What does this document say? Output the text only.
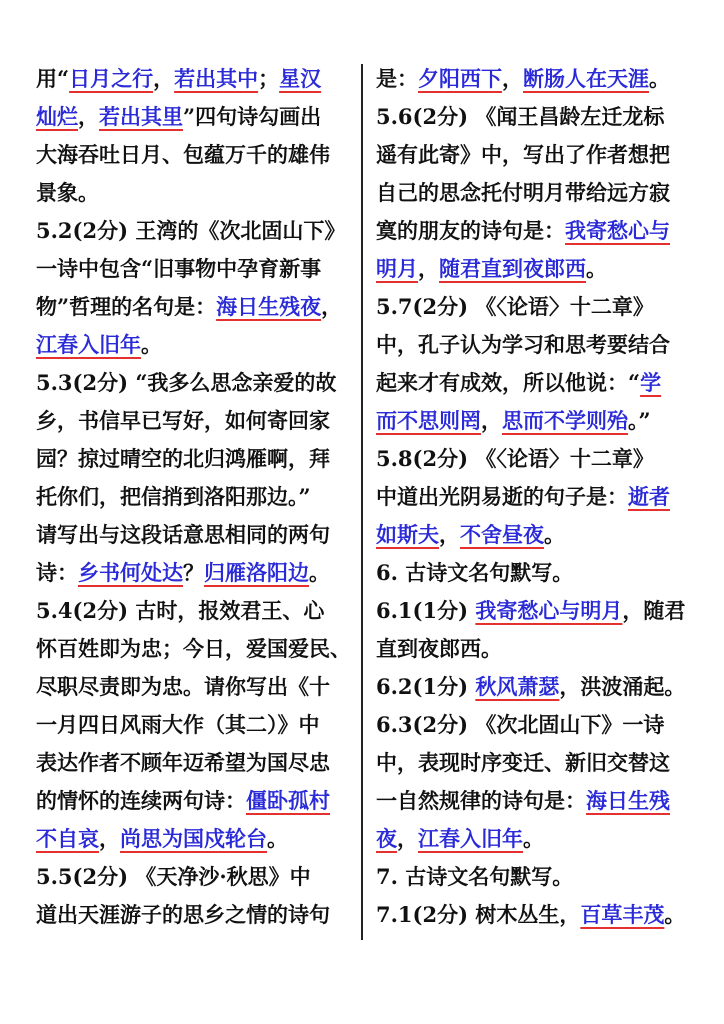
用“日月之行，若出其中；星汉
灿烂，若出其里”四句诗勾画出
大海吞吐日月、包蕴万千的雄伟
景象。
5.2(2分) 王湾的《次北固山下》
一诗中包含“旧事物中孕育新事
物”哲理的名句是：海日生残夜，
江春入旧年。
5.3(2分) “我多么思念亲爱的故
乡，书信早已写好，如何寄回家
园？掠过晴空的北归鸿雁啊，拜
托你们，把信捎到洛阳那边。”
请写出与这段话意思相同的两句
诗：乡书何处达？归雁洛阳边。
5.4(2分) 古时，报效君王、心
怀百姓即为忠；今日，爱国爱民、
尽职尽责即为忠。请你写出《十
一月四日风雨大作（其二）》中
表达作者不顾年迈希望为国尽忠
的情怀的连续两句诗：僵卧孤村
不自哀，尚思为国戍轮台。
5.5(2分) 《天净沙·秋思》中
道出天涯游子的思乡之情的诗句
是：夕阳西下，断肠人在天涯。
5.6(2分) 《闻王昌龄左迁龙标
遥有此寄》中，写出了作者想把
自己的思念托付明月带给远方寂
寞的朋友的诗句是：我寄愁心与
明月，随君直到夜郎西。
5.7(2分) 《〈论语〉十二章》
中，孔子认为学习和思考要结合
起来才有成效，所以他说：“学
而不思则罔，思而不学则殆。”
5.8(2分) 《〈论语〉十二章》
中道出光阴易逝的句子是：逝者
如斯夫，不舍昼夜。
6. 古诗文名句默写。
6.1(1分) 我寄愁心与明月，随君
直到夜郎西。
6.2(1分) 秋风萧瑟，洪波涌起。
6.3(2分) 《次北固山下》一诗
中，表现时序变迁、新旧交替这
一自然规律的诗句是：海日生残
夜，江春入旧年。
7. 古诗文名句默写。
7.1(2分) 树木丛生，百草丰茂。
